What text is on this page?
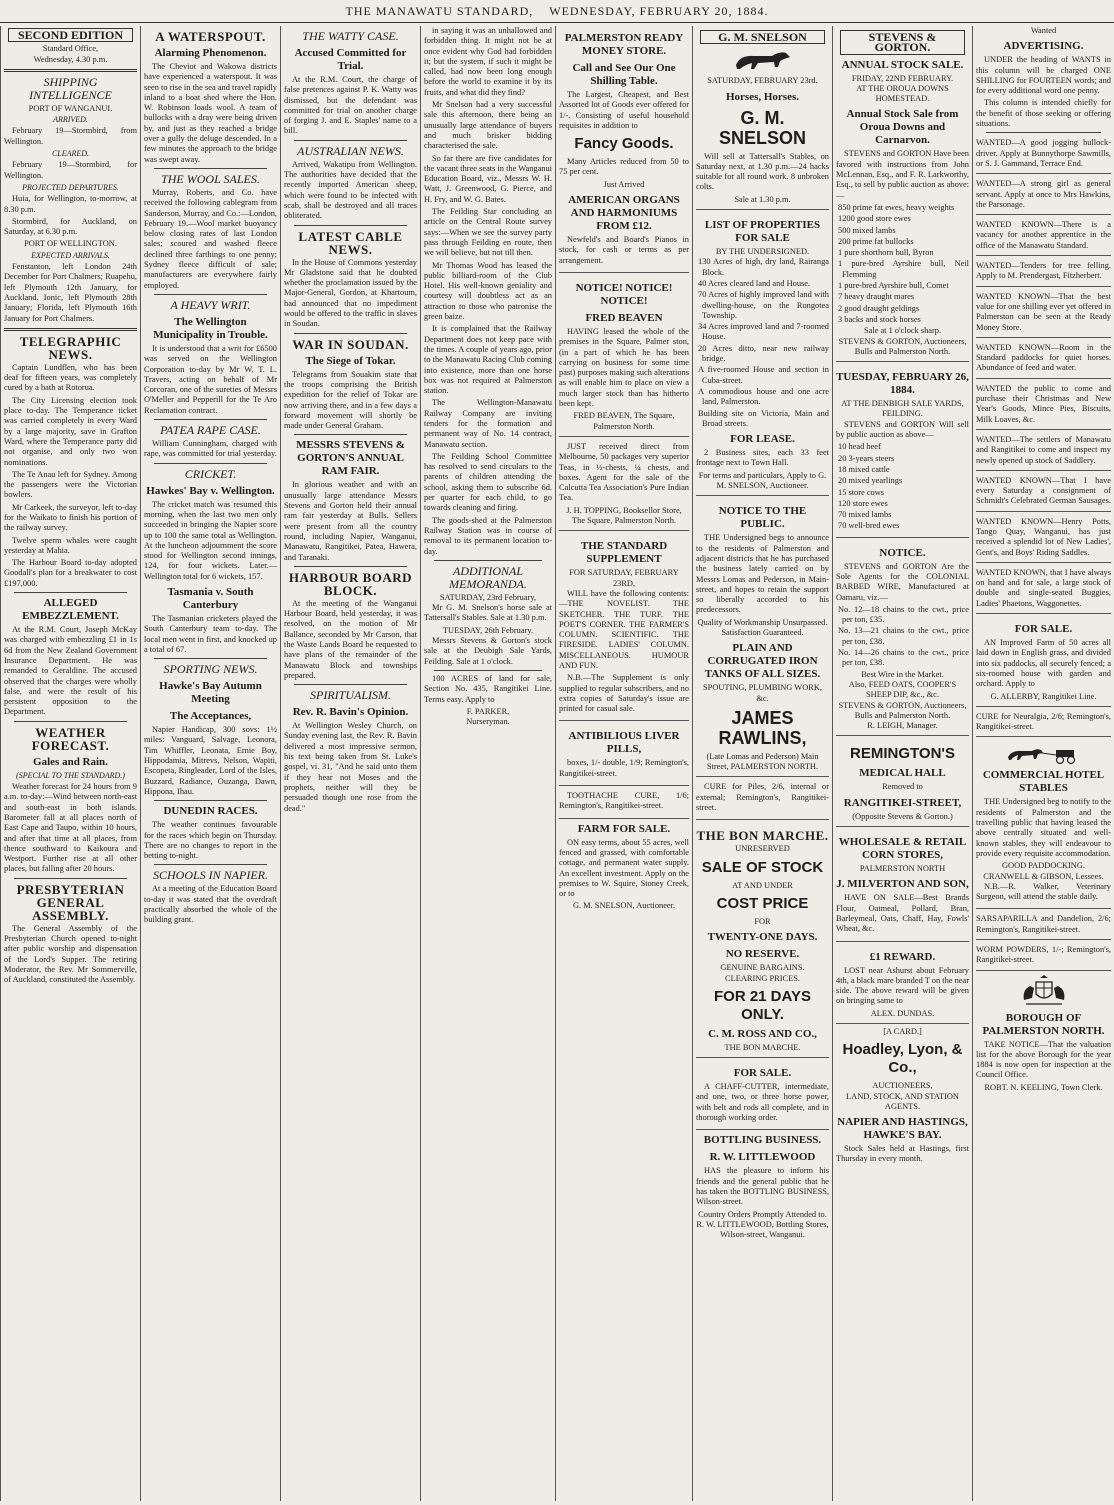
THE MANAWATU STANDARD, WEDNESDAY, FEBRUARY 20, 1884.
SECOND EDITION
Standard Office,
Wednesday, 4.30 p.m.
SHIPPING INTELLIGENCE
PORT OF WANGANUI.
ARRIVED.
February 19—Stormbird, from Wellington.
CLEARED.
February 19—Stormbird, for Wellington.
PROJECTED DEPARTURES.
Huia, for Wellington, to-morrow, at 8.30 p.m.
Stormbird, for Auckland, on Saturday, at 6.30 p.m.
PORT OF WELLINGTON.
EXPECTED ARRIVALS.
Fenstanton, left London 24th December for Port Chalmers; Ruapehu, left Plymouth 12th January, for Auckland. Ionic, left Plymouth 28th January; Florida, left Plymouth 16th January for Port Chalmers.
TELEGRAPHIC NEWS.
Captain Lundflen, who has been deaf for fifteen years, was completely cured by a bath at Rotorua.
The City Licensing election took place to-day. The Temperance ticket was carried completely in every Ward by a large majority, save in Grafton Ward, where the Temperance party did not organise, and only two won nominations.
The Te Anau left for Sydney. Among the passengers were the Victorian bowlers.
Mr Carkeek, the surveyor, left to-day for the Waikato to finish his portion of the railway survey.
Twelve sperm whales were caught yesterday at Mahia.
The Harbour Board to-day adopted Goodall's plan for a breakwater to cost £197,000.
ALLEGED EMBEZZLEMENT.
At the R.M. Court, Joseph McKay was charged with embezzling £1 in 1s 6d from the New Zealand Government Insurance Department. He was remanded to Geraldine. The accused observed that the charges were wholly false, and were the result of his persistent opposition to the Department.
WEATHER FORECAST.
Gales and Rain.
(SPECIAL TO THE STANDARD.)
Weather forecast for 24 hours from 9 a.m. to-day:—Wind between north-east and south-east in both islands. Barometer fall at all places north of East Cape and Taupo, within 10 hours, and after that time at all places, from thence southward to Kaikoura and Westport. Further rise at all other places, but falling after 20 hours.
PRESBYTERIAN GENERAL ASSEMBLY.
The General Assembly of the Presbyterian Church opened to-night after public worship and dispensation of the Lord's Supper. The retiring Moderator, the Rev. Mr Sommerville, of Auckland, constituted the Assembly.
A WATERSPOUT.
Alarming Phenomenon.
The Cheviot and Wakowa districts have experienced a waterspout. It was seen to rise in the sea and travel rapidly inland to a boat shed where the Hon. W. Robinson loads wool. A team of bullocks with a dray were being driven by, and just as they reached a bridge over a gully the deluge descended. In a few minutes the approach to the bridge was swept away.
THE WOOL SALES.
Murray, Roberts, and Co. have received the following cablegram from Sanderson, Murray, and Co.:—London, February 19.—Wool market buoyancy below closing rates of last London sales; scoured and washed fleece declined three farthings to one penny; Sydney fleece difficult of sale; manufacturers are everywhere fairly employed.
A HEAVY WRIT.
The Wellington Municipality in Trouble.
It is understood that a writ for £6500 was served on the Wellington Corporation to-day by Mr W. T. L. Travers, acting on behalf of Mr Corcoran, one of the sureties of Messrs O'Meller and Pepperill for the Te Aro Reclamation contract.
PATEA RAPE CASE.
William Cunningham, charged with rape, was committed for trial yesterday.
CRICKET.
Hawkes' Bay v. Wellington.
The cricket match was resumed this morning, when the last two men only succeeded in bringing the Napier score up to 100 the same total as Wellington. At the luncheon adjournment the score stood for Wellington second innings, 124, for four wickets. Later.—Wellington total for 6 wickets, 157.
Tasmania v. South Canterbury
The Tasmanian cricketers played the South Canterbury team to-day. The local men went in first, and knocked up a total of 67.
SPORTING NEWS.
Hawke's Bay Autumn Meeting
The Acceptances,
Napier Handicap, 300 sovs: 1½ miles: Vanguard, Salvage, Leonora, Tim Whiffler, Leonata, Ernie Boy, Hippodamia, Mitrevs, Nelson, Wapiti, Escopeta, Ringleader, Lord of the Isles, Buzzard, Radiance, Ouzanga, Dawn, Hippona, Ihau.
DUNEDIN RACES.
The weather continues favourable for the races which begin on Thursday. There are no changes to report in the betting to-night.
SCHOOLS IN NAPIER.
At a meeting of the Education Board to-day it was stated that the overdraft practically absorbed the whole of the building grant.
THE WATTY CASE.
Accused Committed for Trial.
At the R.M. Court, the charge of false pretences against P. K. Watty was dismissed, but the defendant was committed for trial on another charge of forging J. and E. Staples' name to a bill.
AUSTRALIAN NEWS.
Arrived, Wakatipu from Wellington. The authorities have decided that the recently imported American sheep, which were found to be infected with scab, shall be destroyed and all traces obliterated.
LATEST CABLE NEWS.
In the House of Commons yesterday Mr Gladstone said that he doubted whether the proclamation issued by the Major-General, Gordon, at Khartoum, had announced that no impediment would be offered to the traffic in slaves in Soudan.
WAR IN SOUDAN.
The Siege of Tokar.
Telegrams from Souakim state that the troops comprising the British expedition for the relief of Tokar are now arriving there, and in a few days a forward movement will shortly be made under General Graham.
MESSRS STEVENS & GORTON'S ANNUAL RAM FAIR.
In glorious weather and with an unusually large attendance Messrs Stevens and Gorton held their annual ram fair yesterday at Bulls. Sellers were present from all the country round, including Napier, Wanganui, Manawatu, Rangitikei, Patea, Hawera, and Taranaki.
HARBOUR BOARD BLOCK.
At the meeting of the Wanganui Harbour Board, held yesterday, it was resolved, on the motion of Mr Ballance, seconded by Mr Carson, that the Waste Lands Board be requested to have plans of the remainder of the Manawatu Block and townships prepared.
SPIRITUALISM.
Rev. R. Bavin's Opinion.
At Wellington Wesley Church, on Sunday evening last, the Rev. R. Bavin delivered a most impressive sermon, his text being taken from St. Luke's gospel, vi. 31, "And he said unto them if they hear not Moses and the prophets, neither will they be persuaded though one rose from the dead."
in saying it was an unhallowed and forbidden thing. It might not be at once evident why God had forbidden it; but the system, if such it might be called, had now been long enough before the world to examine it by its fruits, and what did they find?
Mr Snelson had a very successful sale this afternoon, there being an unusually large attendance of buyers and much brisker bidding characterised the sale.
So far there are five candidates for the vacant three seats in the Wanganui Education Board, viz., Messrs W. H. Watt, J. Greenwood, G. Pierce, and H. Fry, and W. G. Bates.
The Feilding Star concluding an article on the Central Route survey says:—When we see the survey party pass through Feilding en route, then we will believe, but not till then.
Mr Thomas Wood has leased the public billiard-room of the Club Hotel. His well-known geniality and courtesy will doubtless act as an attraction to those who patronise the green baize.
It is complained that the Railway Department does not keep pace with the times. A couple of years ago, prior to the Manawatu Racing Club coming into existence, more than one horse box was not required at Palmerston station.
The Wellington-Manawatu Railway Company are inviting tenders for the formation and permanent way of No. 14 contract, Manawatu section.
The Feilding School Committee has resolved to send circulars to the parents of children attending the school, asking them to subscribe 6d. per quarter for each child, to go towards cleaning and firing.
The goods-shed at the Palmerston Railway Station was in course of removal to its permanent location to-day.
ADDITIONAL MEMORANDA.
SATURDAY, 23rd February,
Mr G. M. Snelson's horse sale at Tattersall's Stables. Sale at 1.30 p.m.
TUESDAY, 26th February.
Messrs Stevens & Gorton's stock sale at the Deubigh Sale Yards, Feilding. Sale at 1 o'clock.
100 ACRES of land for sale, Section No. 435, Rangitikei Line. Terms easy. Apply to
F. PARKER,
Nurseryman.
PALMERSTON READY MONEY STORE.
Call and See Our One Shilling Table.
The Largest, Cheapest, and Best Assorted lot of Goods ever offered for 1/-. Consisting of useful household requisites in addition to
Fancy Goods.
Many Articles reduced from 50 to 75 per cent.
Just Arrived
AMERICAN ORGANS AND HARMONIUMS FROM £12.
Newfeld's and Board's Pianos in stock, for cash or terms as per arrangement.
NOTICE! NOTICE! NOTICE!
FRED BEAVEN
HAVING leased the whole of the premises in the Square, Palmer ston, (in a part of which he has been carrying on business for some time past) purposes making such alterations as will enable him to place on view a much larger stock than has hitherto been kept.
FRED BEAVEN, The Square, Palmerston North.
JUST received direct from Melbourne, 50 packages very superior Teas, in ½-chests, ¼ chests, and boxes. Agent for the sale of the Calcutta Tea Association's Pure Indian Tea.
J. H. TOPPING, Booksellor Store, The Square, Palmerston North.
THE STANDARD SUPPLEMENT
FOR SATURDAY, FEBRUARY 23RD,
WILL have the following contents:—THE NOVELIST. THE SKETCHER. THE TURF. THE POET'S CORNER. THE FARMER'S COLUMN. SCIENTIFIC. THE FIRESIDE. LADIES' COLUMN. MISCELLANEOUS. HUMOUR AND FUN.
N.B.—The Supplement is only supplied to regular subscribers, and no extra copies of Saturday's issue are printed for casual sale.
ANTIBILIOUS LIVER PILLS,
boxes, 1/- double, 1/9; Remington's, Rangitikei-street.
TOOTHACHE CURE, 1/6; Remington's, Rangitikei-street.
FARM FOR SALE.
ON easy terms, about 55 acres, well fenced and grassed, with comfortable cottage, and permanent water supply. An excellent investment. Apply on the premises to W. Squire, Stoney Creek, or to
G. M. SNELSON, Auctioneer.
G. M. SNELSON
SATURDAY, FEBRUARY 23rd.
Horses, Horses.
G. M. SNELSON
Will sell at Tattersall's Stables, on Saturday next, at 1.30 p.m.—24 hacks suitable for all round work. 8 unbroken colts.
Sale at 1.30 p.m.
LIST OF PROPERTIES FOR SALE
BY THE UNDERSIGNED.
130 Acres of high, dry land, Rairanga Block.
40 Acres cleared land and House.
70 Acres of highly improved land with dwelling-house, on the Rongotea Township.
34 Acres improved land and 7-roomed House.
20 Acres ditto, near new railway bridge.
A five-roomed House and section in Cuba-street.
A commodious house and one acre land, Palmerston.
Building site on Victoria, Main and Broad streets.
FOR LEASE.
2 Business sites, each 33 feet frontage next to Town Hall.
For terms and particulars, Apply to G. M. SNELSON, Auctioneer.
NOTICE TO THE PUBLIC.
THE Undersigned begs to announce to the residents of Palmerston and adjacent districts that he has purchased the business lately carried on by Messrs Lomas and Pederson, in Main-street, and hopes to retain the support so liberally accorded to his predecessors.
Quality of Workmanship Unsurpassed. Satisfaction Guaranteed.
PLAIN AND CORRUGATED IRON TANKS OF ALL SIZES.
SPOUTING, PLUMBING WORK, &c.
JAMES RAWLINS,
(Late Lomas and Pederson) Main Street, PALMERSTON NORTH.
CURE for Piles, 2/6, internal or external; Remington's, Rangitikei-street.
THE BON MARCHE.
UNRESERVED
SALE OF STOCK
AT AND UNDER
COST PRICE
FOR
TWENTY-ONE DAYS.
NO RESERVE.
GENUINE BARGAINS.
CLEARING PRICES.
FOR 21 DAYS ONLY.
C. M. ROSS AND CO.,
THE BON MARCHE.
FOR SALE.
A CHAFF-CUTTER, intermediate, and one, two, or three horse power, with belt and rods all complete, and in thorough working order.
BOTTLING BUSINESS.
R. W. LITTLEWOOD
HAS the pleasure to inform his friends and the general public that he has taken the BOTTLING BUSINESS, Wilson-street.
Country Orders Promptly Attended to.
R. W. LITTLEWOOD, Bottling Stores, Wilson-street, Wanganui.
STEVENS & GORTON.
ANNUAL STOCK SALE.
FRIDAY, 22ND FEBRUARY.
AT THE OROUA DOWNS HOMESTEAD.
Annual Stock Sale from Oroua Downs and Carnarvon.
STEVENS and GORTON Have been favored with instructions from John McLennan, Esq., and F. R. Larkworthy, Esq., to sell by public auction as above:—
850 prime fat ewes, heavy weights
1200 good store ewes
500 mixed lambs
200 prime fat bullocks
1 pure shorthorn bull, Byron
1 pure-bred Ayrshire bull, Neil Flemming
1 pure-bred Ayrshire bull, Comet
7 heavy draught mares
2 good draught geldings
3 backs and stock horses
Sale at 1 o'clock sharp.
STEVENS & GORTON, Auctioneers, Bulls and Palmerston North.
TUESDAY, FEBRUARY 26, 1884.
AT THE DENBIGH SALE YARDS, FEILDING.
STEVENS and GORTON Will sell by public auction as above—
10 head beef
20 3-years steers
18 mixed cattle
20 mixed yearlings
15 store cows
120 store ewes
70 mixed lambs
70 well-bred ewes
NOTICE.
STEVENS and GORTON Are the Sole Agents for the COLONIAL BARBED WIRE, Manufactured at Oamaru, viz.—
No. 12—18 chains to the cwt., price per ton, £35.
No. 13—21 chains to the cwt., price per ton, £38.
No. 14—26 chains to the cwt., price per ton, £38.
Best Wire in the Market.
Also, FEED OATS, COOPER'S SHEEP DIP, &c., &c.
STEVENS & GORTON, Auctioneers, Bulls and Palmerston North.
R. LEIGH, Manager.
REMINGTON'S
MEDICAL HALL
Removed to
RANGITIKEI-STREET,
(Opposite Stevens & Gorton.)
WHOLESALE & RETAIL CORN STORES,
PALMERSTON NORTH
J. MILVERTON AND SON,
HAVE ON SALE—Best Brands Flour, Oatmeal, Pollard, Bran, Barleymeal, Oats, Chaff, Hay, Fowls' Wheat, &c.
£1 REWARD.
LOST near Ashurst about February 4th, a black mare branded T on the near side. The above reward will be given on bringing same to
ALEX. DUNDAS.
[A CARD.]
Hoadley, Lyon, & Co.,
AUCTIONEERS,
LAND, STOCK, AND STATION AGENTS.
NAPIER AND HASTINGS, HAWKE'S BAY.
Stock Sales held at Hastings, first Thursday in every month.
Wanted
ADVERTISING.
UNDER the heading of WANTS in this column will be charged ONE SHILLING for FOURTEEN words; and for every additional word one penny.
This column is intended chiefly for the benefit of those seeking or offering situations.
WANTED—A good jogging bullock-driver. Apply at Bunnythorpe Sawmills, or S. J. Gammand, Terrace End.
WANTED—A strong girl as general servant. Apply at once to Mrs Hawkins, the Parsonage.
WANTED KNOWN—There is a vacancy for another apprentice in the office of the Manawatu Standard.
WANTED—Tenders for tree felling. Apply to M. Prendergast, Fitzherbert.
WANTED KNOWN—That the best value for one shilling ever yet offered in Palmerston can be seen at the Ready Money Store.
WANTED KNOWN—Room in the Standard paddocks for quiet horses. Abundance of feed and water.
WANTED the public to come and purchase their Christmas and New Year's Goods, Mince Pies, Biscuits, Milk Loaves, &c.
WANTED—The settlers of Manawatu and Rangitikei to come and inspect my newly opened up stock of Saddlery.
WANTED KNOWN—That I have every Saturday a consignment of Schmidt's Celebrated German Sausages.
WANTED KNOWN—Henry Potts, Tango Quay, Wanganui, has just received a splendid lot of New Ladies', Gent's, and Boys' Riding Saddles.
WANTED KNOWN, that I have always on hand and for sale, a large stock of double and single-seated Buggies, Ladies' Phaetons, Waggonettes.
FOR SALE.
AN Improved Farm of 50 acres all laid down in English grass, and divided into six paddocks, all securely fenced; a six-roomed house with garden and orchard. Apply to
G. ALLERBY, Rangitikei Line.
CURE for Neuralgia, 2/6; Remington's, Rangitikei-street.
COMMERCIAL HOTEL STABLES
THE Undersigned beg to notify to the residents of Palmerston and the travelling public that having leased the above centrally situated and well-known stables, they will endeavour to provide every requisite accommodation.
GOOD PADDOCKING.
CRANWELL & GIBSON, Lessees.
N.B.—R. Walker, Veterinary Surgeon, will attend the stable daily.
SARSAPARILLA and Dandelion, 2/6; Remington's, Rangitikei-street.
WORM POWDERS, 1/-; Remington's, Rangitikei-street.
BOROUGH OF PALMERSTON NORTH.
TAKE NOTICE—That the valuation list for the above Borough for the year 1884 is now open for inspection at the Council Office.
ROBT. N. KEELING, Town Clerk.
